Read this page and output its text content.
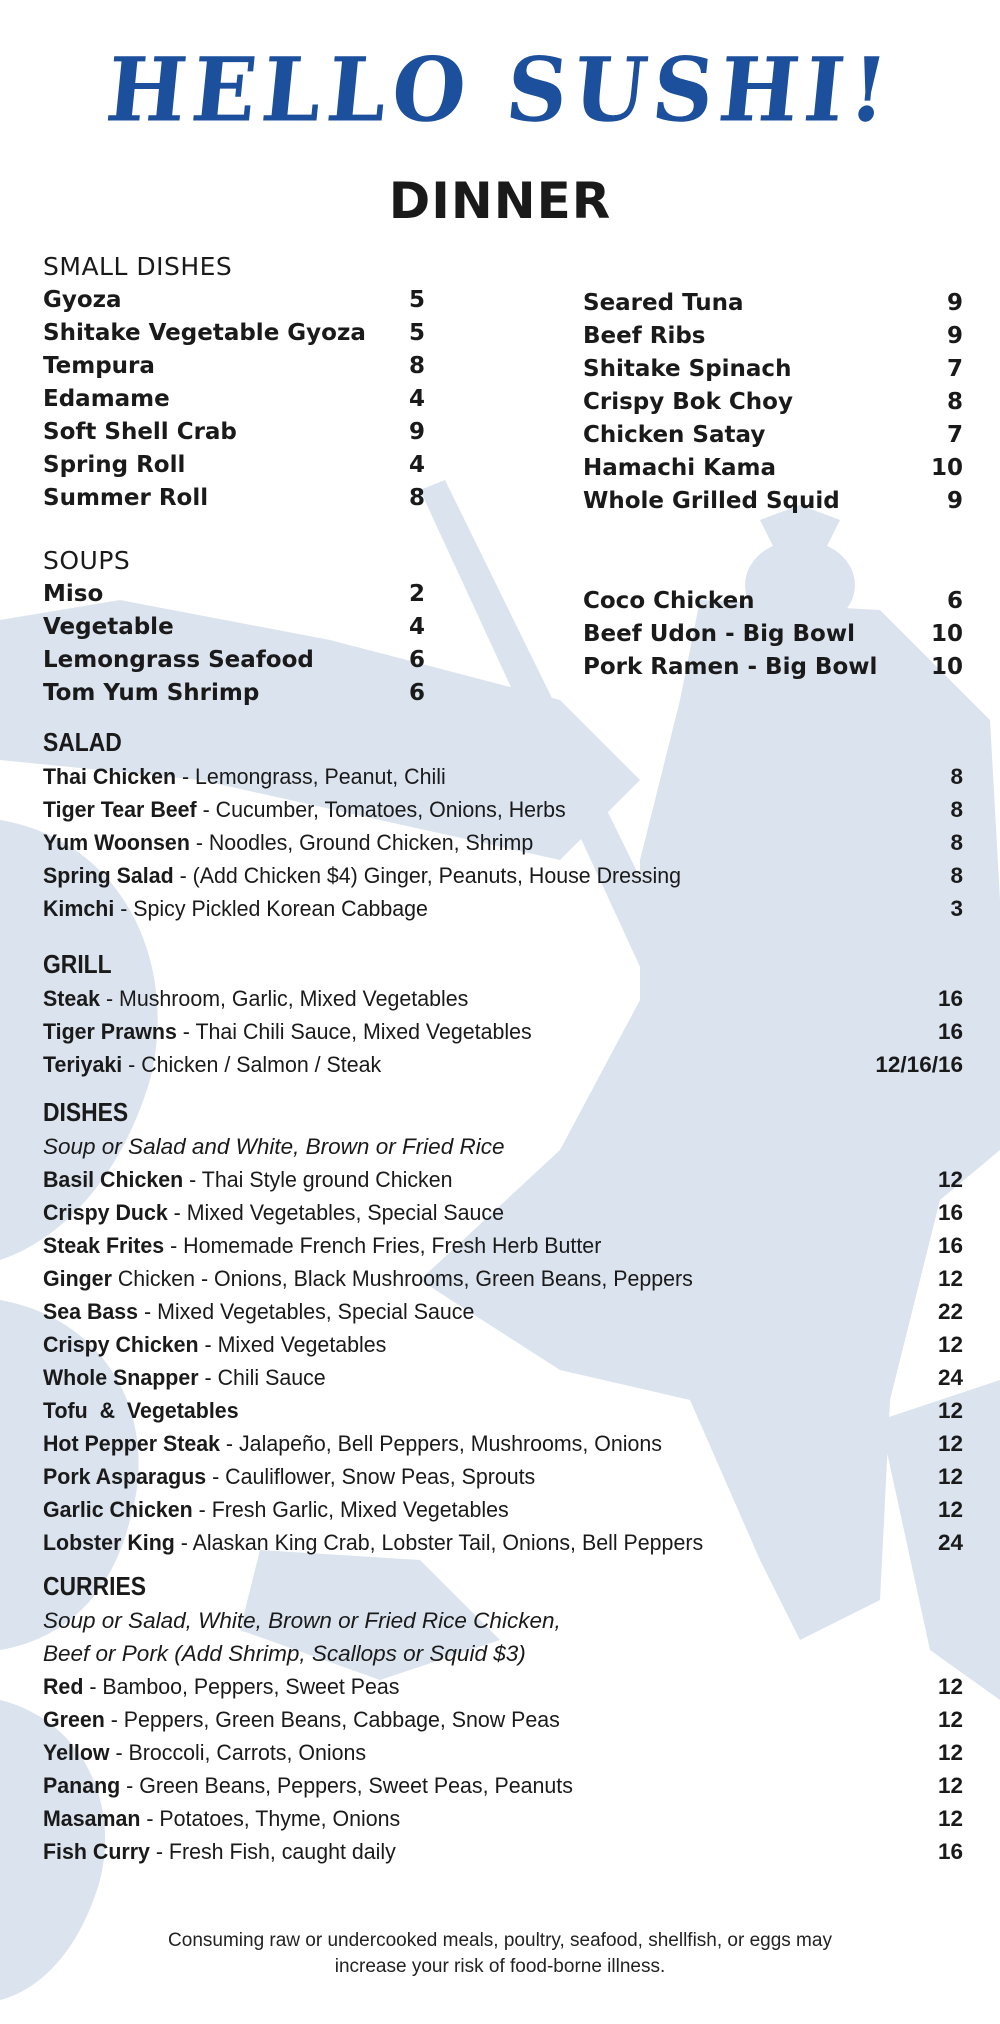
HELLO SUSHI!
DINNER
SMALL DISHES
Gyoza	5
Shitake Vegetable Gyoza 5
Tempura	8
Edamame	4
Soft Shell Crab	9
Spring Roll	4
Summer Roll	8
Seared Tuna	9
Beef Ribs	9
Shitake Spinach	7
Crispy Bok Choy	8
Chicken Satay	7
Hamachi Kama	10
Whole Grilled Squid	9
SOUPS
Miso	2
Vegetable	4
Lemongrass Seafood	6
Tom Yum Shrimp	6
Coco Chicken	6
Beef Udon - Big Bowl	10
Pork Ramen - Big Bowl 10
SALAD
Thai Chicken - Lemongrass, Peanut, Chili	8
Tiger Tear Beef - Cucumber, Tomatoes, Onions, Herbs	8
Yum Woonsen - Noodles, Ground Chicken, Shrimp	8
Spring Salad - (Add Chicken $4) Ginger, Peanuts, House Dressing	8
Kimchi - Spicy Pickled Korean Cabbage	3
GRILL
Steak - Mushroom, Garlic, Mixed Vegetables	16
Tiger Prawns - Thai Chili Sauce, Mixed Vegetables	16
Teriyaki - Chicken / Salmon / Steak	12/16/16
DISHES
Soup or Salad and White, Brown or Fried Rice
Basil Chicken - Thai Style ground Chicken	12
Crispy Duck - Mixed Vegetables, Special Sauce	16
Steak Frites - Homemade French Fries, Fresh Herb Butter	16
Ginger Chicken - Onions, Black Mushrooms, Green Beans, Peppers	12
Sea Bass - Mixed Vegetables, Special Sauce	22
Crispy Chicken - Mixed Vegetables	12
Whole Snapper - Chili Sauce	24
Tofu  &  Vegetables	12
Hot Pepper Steak - Jalapeño, Bell Peppers, Mushrooms, Onions	12
Pork Asparagus - Cauliflower, Snow Peas, Sprouts	12
Garlic Chicken - Fresh Garlic, Mixed Vegetables	12
Lobster King - Alaskan King Crab, Lobster Tail, Onions, Bell Peppers	24
CURRIES
Soup or Salad, White, Brown or Fried Rice Chicken,
Beef or Pork (Add Shrimp, Scallops or Squid $3)
Red - Bamboo, Peppers, Sweet Peas	12
Green - Peppers, Green Beans, Cabbage, Snow Peas	12
Yellow - Broccoli, Carrots, Onions	12
Panang - Green Beans, Peppers, Sweet Peas, Peanuts	12
Masaman - Potatoes, Thyme, Onions	12
Fish Curry - Fresh Fish, caught daily	16
Consuming raw or undercooked meals, poultry, seafood, shellfish, or eggs may
increase your risk of food-borne illness.
